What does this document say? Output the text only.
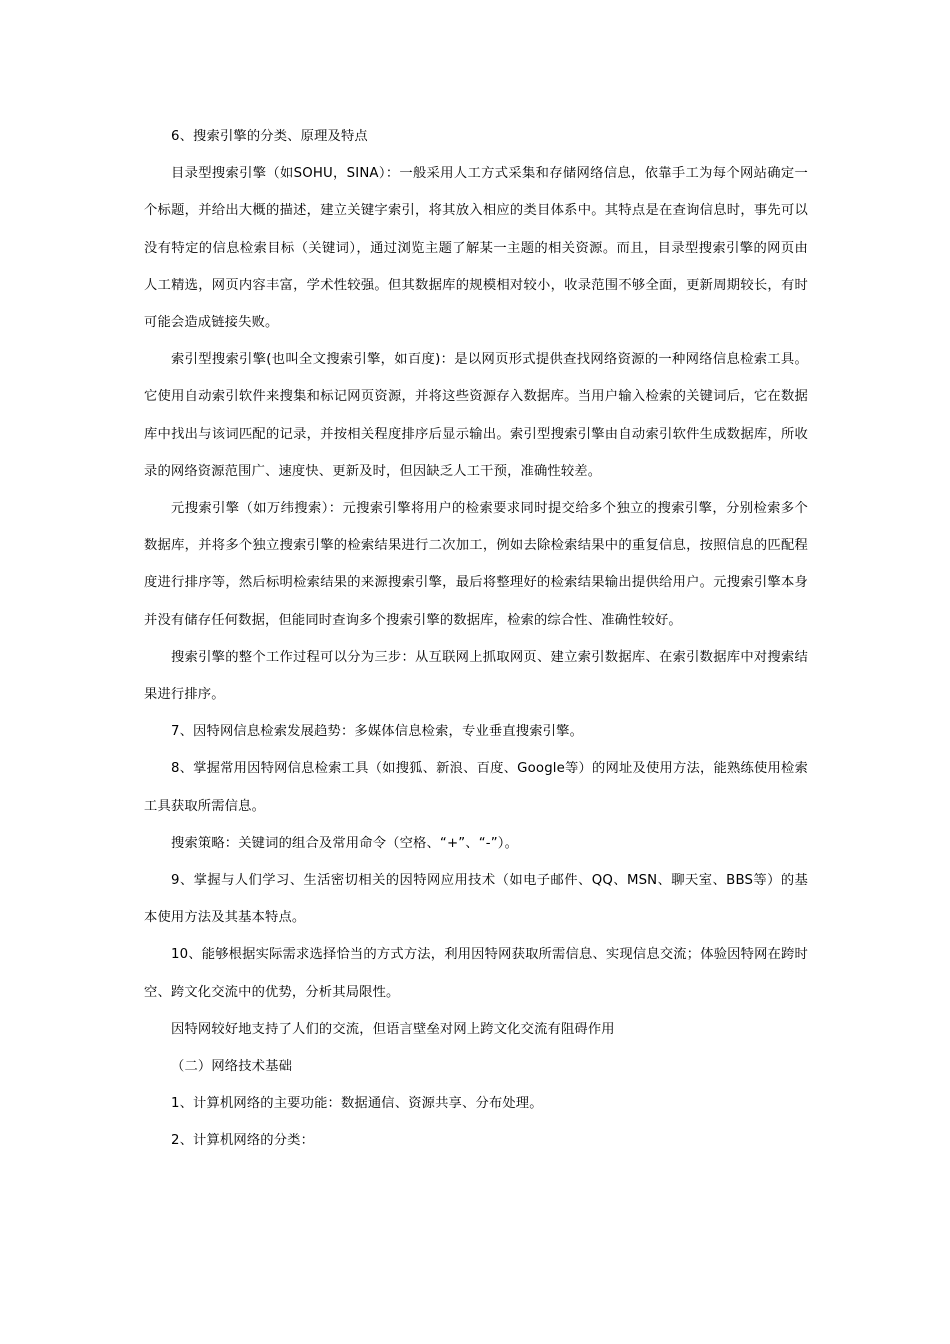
6、搜索引擎的分类、原理及特点

目录型搜索引擎（如SOHU，SINA）：一般采用人工方式采集和存储网络信息，依靠手工为每个网站确定一个标题，并给出大概的描述，建立关键字索引，将其放入相应的类目体系中。其特点是在查询信息时，事先可以没有特定的信息检索目标（关键词），通过浏览主题了解某一主题的相关资源。而且，目录型搜索引擎的网页由人工精选，网页内容丰富，学术性较强。但其数据库的规模相对较小，收录范围不够全面，更新周期较长，有时可能会造成链接失败。

索引型搜索引擎(也叫全文搜索引擎，如百度)：是以网页形式提供查找网络资源的一种网络信息检索工具。它使用自动索引软件来搜集和标记网页资源，并将这些资源存入数据库。当用户输入检索的关键词后，它在数据库中找出与该词匹配的记录，并按相关程度排序后显示输出。索引型搜索引擎由自动索引软件生成数据库，所收录的网络资源范围广、速度快、更新及时，但因缺乏人工干预，准确性较差。

元搜索引擎（如万纬搜索）：元搜索引擎将用户的检索要求同时提交给多个独立的搜索引擎，分别检索多个数据库，并将多个独立搜索引擎的检索结果进行二次加工，例如去除检索结果中的重复信息，按照信息的匹配程度进行排序等，然后标明检索结果的来源搜索引擎，最后将整理好的检索结果输出提供给用户。元搜索引擎本身并没有储存任何数据，但能同时查询多个搜索引擎的数据库，检索的综合性、准确性较好。

搜索引擎的整个工作过程可以分为三步：从互联网上抓取网页、建立索引数据库、在索引数据库中对搜索结果进行排序。

7、因特网信息检索发展趋势：多媒体信息检索，专业垂直搜索引擎。

8、掌握常用因特网信息检索工具（如搜狐、新浪、百度、Google等）的网址及使用方法，能熟练使用检索工具获取所需信息。

搜索策略：关键词的组合及常用命令（空格、“+”、“-”）。

9、掌握与人们学习、生活密切相关的因特网应用技术（如电子邮件、QQ、MSN、聊天室、BBS等）的基本使用方法及其基本特点。

10、能够根据实际需求选择恰当的方式方法，利用因特网获取所需信息、实现信息交流；体验因特网在跨时空、跨文化交流中的优势，分析其局限性。

因特网较好地支持了人们的交流，但语言壁垒对网上跨文化交流有阻碍作用

（二）网络技术基础

1、计算机网络的主要功能：数据通信、资源共享、分布处理。

2、计算机网络的分类：
